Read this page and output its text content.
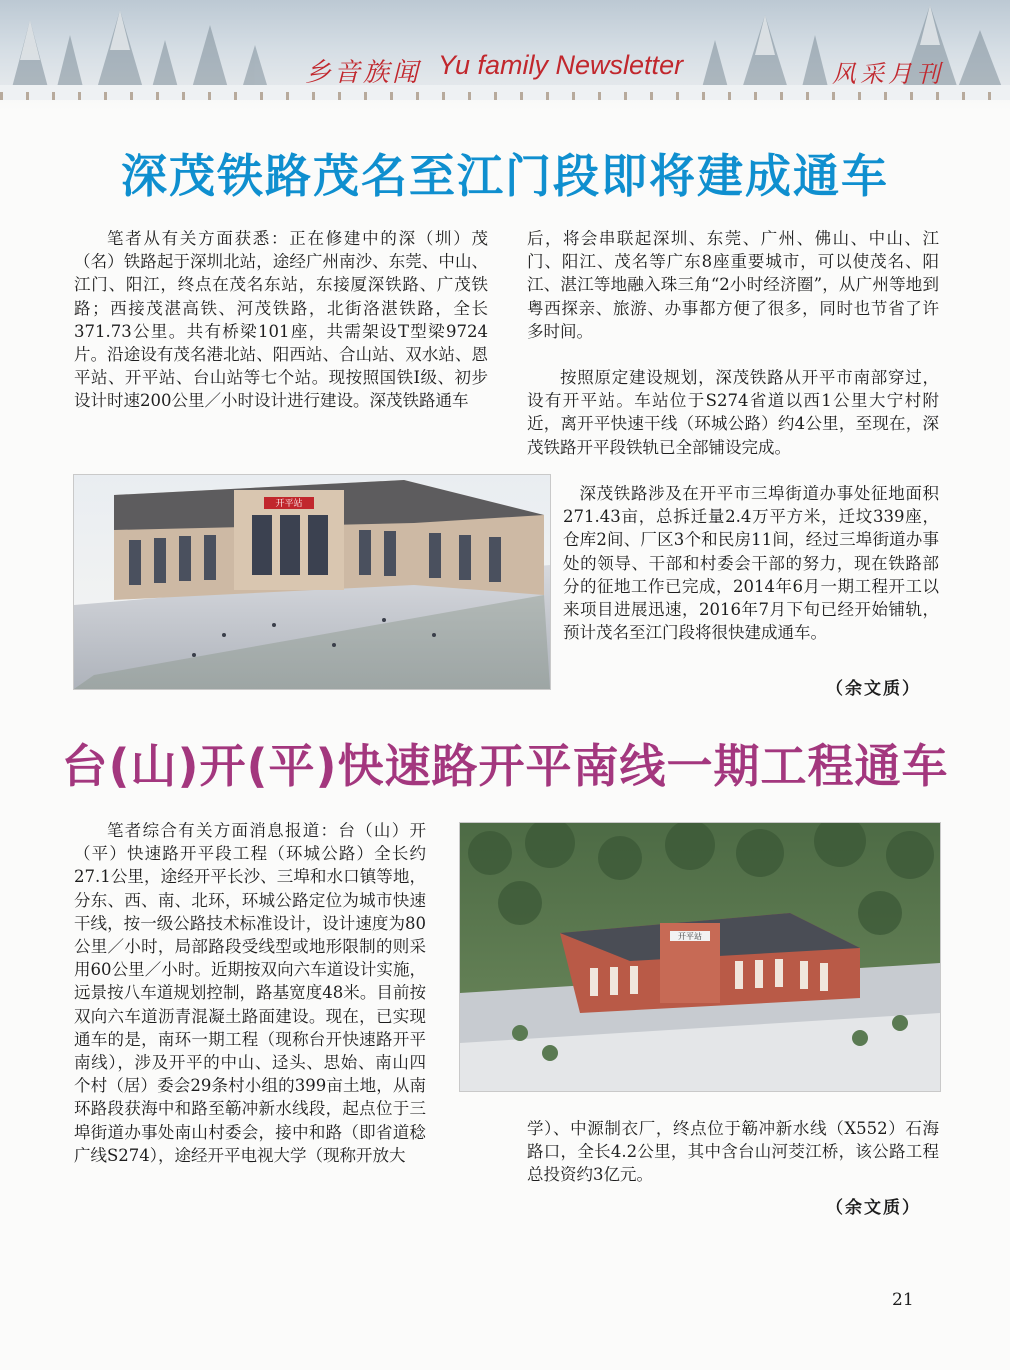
乡音族闻 Yu family Newsletter	风采月刊
深茂铁路茂名至江门段即将建成通车

笔者从有关方面获悉：正在修建中的深（圳）茂（名）铁路起于深圳北站，途经广州南沙、东莞、中山、江门、阳江，终点在茂名东站，东接厦深铁路、广茂铁路；西接茂湛高铁、河茂铁路，北街洛湛铁路，全长371.73公里。共有桥梁101座，共需架设T型梁9724片。沿途设有茂名港北站、阳西站、合山站、双水站、恩平站、开平站、台山站等七个站。现按照国铁Ⅰ级、初步设计时速200公里／小时设计进行建设。深茂铁路通车

后，将会串联起深圳、东莞、广州、佛山、中山、江门、阳江、茂名等广东8座重要城市，可以使茂名、阳江、湛江等地融入珠三角“2小时经济圈”，从广州等地到粤西探亲、旅游、办事都方便了很多，同时也节省了许多时间。

按照原定建设规划，深茂铁路从开平市南部穿过，设有开平站。车站位于S274省道以西1公里大宁村附近，离开平快速干线（环城公路）约4公里，至现在，深茂铁路开平段铁轨已全部铺设完成。

深茂铁路涉及在开平市三埠街道办事处征地面积271.43亩，总拆迁量2.4万平方米，迁坟339座，仓库2间、厂区3个和民房11间，经过三埠街道办事处的领导、干部和村委会干部的努力，现在铁路部分的征地工作已完成，2014年6月一期工程开工以来项目进展迅速，2016年7月下旬已经开始铺轨，预计茂名至江门段将很快建成通车。

（余文质）
开平站
台(山)开(平)快速路开平南线一期工程通车

笔者综合有关方面消息报道：台（山）开（平）快速路开平段工程（环城公路）全长约27.1公里，途经开平长沙、三埠和水口镇等地，分东、西、南、北环，环城公路定位为城市快速干线，按一级公路技术标准设计，设计速度为80公里／小时，局部路段受线型或地形限制的则采用60公里／小时。近期按双向六车道设计实施，远景按八车道规划控制，路基宽度48米。目前按双向六车道沥青混凝土路面建设。现在，已实现通车的是，南环一期工程（现称台开快速路开平南线），涉及开平的中山、迳头、思始、南山四个村（居）委会29条村小组的399亩土地，从南环路段获海中和路至簕冲新水线段，起点位于三埠街道办事处南山村委会，接中和路（即省道稔广线S274），途经开平电视大学（现称开放大

开平站

学）、中源制衣厂，终点位于簕冲新水线（X552）石海路口，全长4.2公里，其中含台山河茭江桥，该公路工程总投资约3亿元。

（余文质）
21
